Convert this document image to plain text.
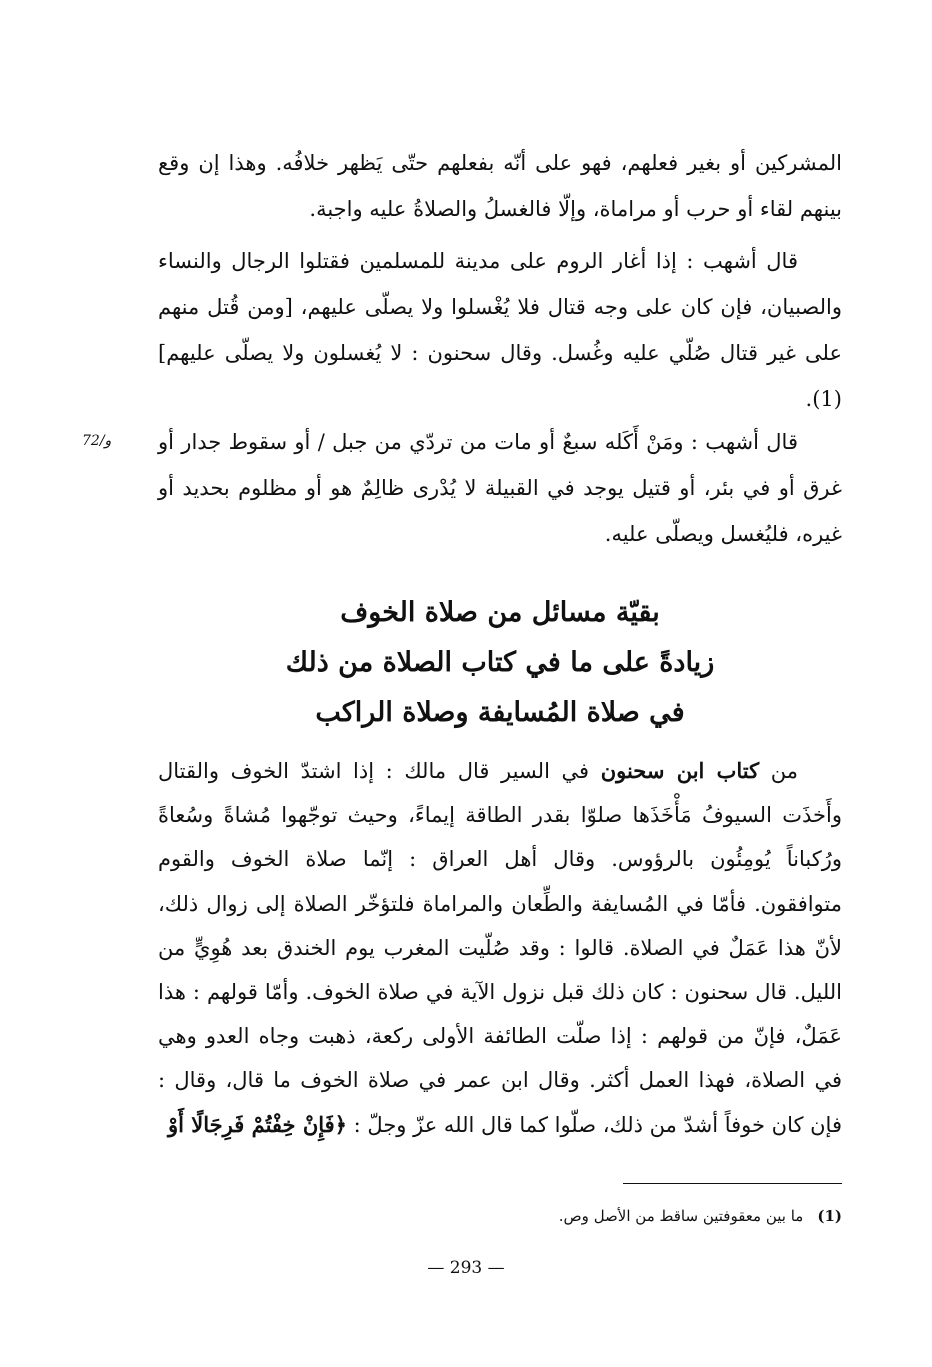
المشركين أو بغير فعلهم، فهو على أنّه بفعلهم حتّى يَظهر خلافُه. وهذا إن وقع بينهم لقاء أو حرب أو مراماة، وإلّا فالغسلُ والصلاةُ عليه واجبة.

قال أشهب : إذا أغار الروم على مدينة للمسلمين فقتلوا الرجال والنساء والصبيان، فإن كان على وجه قتال فلا يُغْسلوا ولا يصلّى عليهم، [ومن قُتل منهم على غير قتال صُلّي عليه وغُسل. وقال سحنون : لا يُغسلون ولا يصلّى عليهم](1).

72/و قال أشهب : ومَنْ أَكَله سبعٌ أو مات من تردّي من جبل / أو سقوط جدار أو غرق أو في بئر، أو قتيل يوجد في القبيلة لا يُدْرى ظالِمٌ هو أو مظلوم بحديد أو غيره، فليُغسل ويصلّى عليه.

بقيّة مسائل من صلاة الخوف
زيادةً على ما في كتاب الصلاة من ذلك
في صلاة المُسايفة وصلاة الراكب

من كتاب ابن سحنون في السير قال مالك : إذا اشتدّ الخوف والقتال وأَخذَت السيوفُ مَأْخَذَها صلوّا بقدر الطاقة إيماءً، وحيث توجّهوا مُشاةً وسُعاةً ورُكباناً يُومِئُون بالرؤوس. وقال أهل العراق : إنّما صلاة الخوف والقوم متوافقون. فأمّا في المُسايفة والطِّعان والمراماة فلتؤخّر الصلاة إلى زوال ذلك، لأنّ هذا عَمَلٌ في الصلاة. قالوا : وقد صُلّيت المغرب يوم الخندق بعد هُوِيٍّ من الليل. قال سحنون : كان ذلك قبل نزول الآية في صلاة الخوف. وأمّا قولهم : هذا عَمَلٌ، فإنّ من قولهم : إذا صلّت الطائفة الأولى ركعة، ذهبت وجاه العدو وهي في الصلاة، فهذا العمل أكثر. وقال ابن عمر في صلاة الخوف ما قال، وقال : فإن كان خوفاً أشدّ من ذلك، صلّوا كما قال الله عزّ وجلّ : ﴿فَإِنْ خِفْتُمْ فَرِجَالًا أَوْ

(1)ما بين معقوفتين ساقط من الأصل وص.
— 293 —
